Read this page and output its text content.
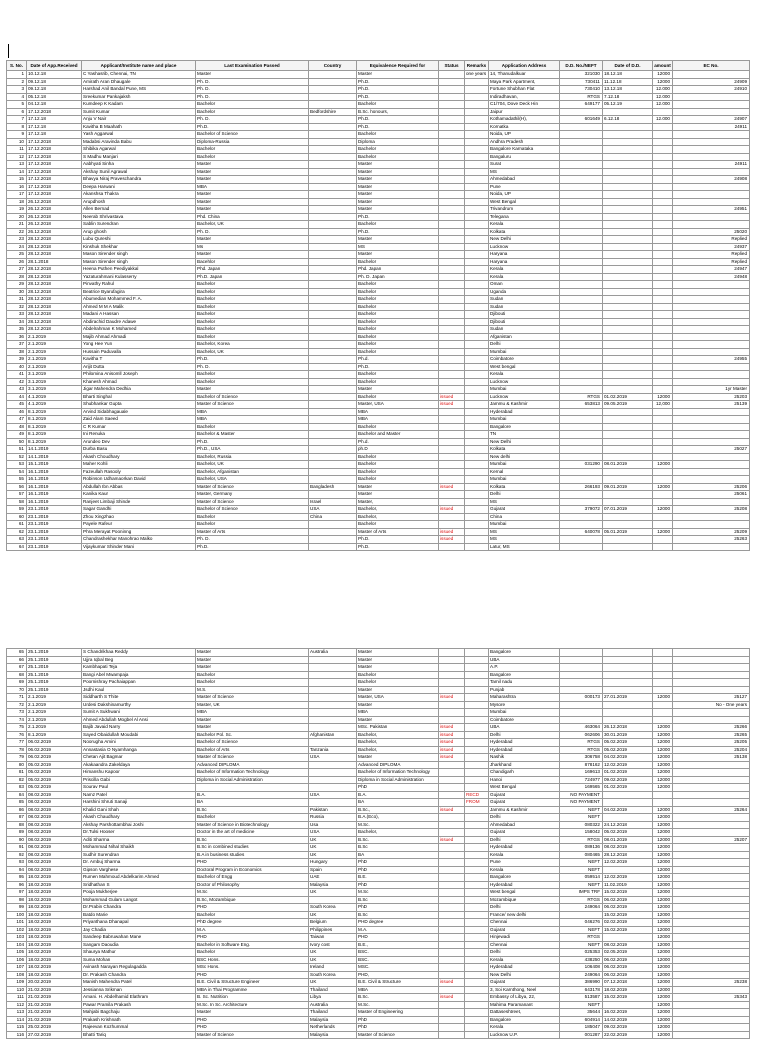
S. No.	Date of App.Received	Applicant/Institute name and place	Last Examination Passed	Country	Equivalence Required for	Status	Remarks	Application Address	D.D. No./NEFT	Date of D.D.	amount	EC No.
1	10.12.18	C Yashasrib, Chennai, TN	Master		Master		one years	14, Thanudalkuar	321030	18.12.18	12000	
2	09.12.18	Amirath Aran Dhaugale	Ph. D.		Ph.D.			Maya Park Apartment,	730411	11.12.18	12000	24909
3	09.12.18	Harshad Anil Bandal Pune, MS	Ph. D.		Ph.D.			Fortune Shubhan Flat	730410	13.12.18	12.000	24910
4	05.12.18	Sreekumar Pankajaksh	Ph. D.		Ph.D.			Indiradhavan,	RTGS	7.12.18	12.000	
5	04.12.18	Kumdeep K Kadam	Bachelor		Bachelor			C1/704, Dove Deck Hin	649177	05.12.19	12.000	
6	17.12.2018	Sumit Kumar	Bachelor	Bedfordshire	B.Sc. honours,			Jaipur				
7	17.12.18	Anju V Nair	Ph. D.		Ph.D.			Kothamadathil(H),	601649	6.12.18	12.000	24907
8	17.12.18	Kavitha B Maahath	Ph.D.		Ph.D.			Kornatka				24911
9	17.12.18	Yash Aggarwal	Bachelor of Science		Bachelor			Noida, UP				
10	17.12.2018	Madabsi Aravinda Babu	Diploma-Russia		Diploma			Andhra Pradesh				
11	17.12.2018	Shibika Agarwal	Bachelor		Bachelor			Bangalore Karnataka				
12	17.12.2018	S Madhu Manjari	Bachelor		Bachelor			Bangaluru				
13	17.12.2018	Aabhyati Sinha	Master		Master			Surat				24911
14	17.12.2018	Akshay Sunil Agrawal	Master		Master			MS				
15	17.12.2018	Bhavya Niraj Praveschandra	Master		Master			Ahmedabad				24908
16	17.12.2018	Deepa Harwani	MBA		Master			Pune				
17	17.12.2018	Akanshsa Thakra	Master		Master			Noida, UP				
18	26.12.2018	Arupdhosh	Master		Master			West Bengal				
19	26.12.2018	Allen Bernad	Master		Master			Trivandrum				24951
20	26.12.2018	Neerab Shrivastava	Phd. China		Ph.D.			Telegana				
21	26.12.2018	Sablin Surendran	Bachelor, UK		Bachelor			Kerala				
22	26.12.2018	Arup ghosh	Ph. D.		Ph.D.			Kolkata				25020
23	28.12.2018	Lubu Qureshi	Master		Master			New Delhi				Replied
24	28.12.2018	Kinshuk Shekhar	Ms		MS			Lucknow				24937
25	28.12.2018	Mason Sirender singh	Master		Master			Haryana				Replied
26	28.1.2018	Mason Sirender singh	Bacehlor		Bachelor			Haryana				Replied
27	28.12.2018	Heena Puthen Peediyakkal	Phd. Japan		Phd. Japan			Kerala				24947
28	28.12.2018	Yazaturahmani Kulasserry	Ph.D. Japan		Ph. D. Japan			Kerala				24948
29	28.12.2018	Pinvathy Rahul	Bachelor		Bachelor			Oman				
30	28.12.2018	Beatrice Byarufagira	Bachelor		Bachelor			Uganda				
31	28.12.2018	Abumedian Mohammed F. A.	Bachelor		Bachelor			Sudan				
32	28.12.2018	Ahmed M M A Malik	Bachelor		Bachelor			Sudan				
33	28.12.2018	Madani A Hassan	Bachelor		Bachelor			Djibouti				
34	28.12.2018	Abdirachid Daudre Adawe	Bachelor		Bachelor			Djibouti				
35	28.12.2018	Abdelrahman K Mohamed	Bachelor		Bachelor			Sudan				
36	2.1.2019	Majib Ahmad Ahmadi	Bachelor		Bachelor			Afganistan				
37	2.1.2019	Yong Hee Yun	Bachelor, Korea		Bachelor			Delhi				
38	2.1.2019	Hussain Paduvalla	Bachelor, UK		Bachelor			Mumbai				
39	2.1.2019	Kavitha T	Ph.D.		Ph.d.			Coimbatore				24955
40	2.1.2019	Arijit Dutta	Ph. D.		Ph.D.			West bengal				
41	3.1.2019	Philomina Anisomll Joseph	Bachelor		Bachelor			Kerala				
42	3.1.2019	Khanesh Ahmad	Bachelor		Bachelor			Lucknow				
43	3.1.2019	Jigar Mahendra Dedhia	Master		Master			Mumbai				1yr Master
44	4.1.2019	Bharti Singhal	Bachelor of Science		Bachelor	issued		Lucknow	RTGS	01.02.2019	12000	25203
45	4.1.2019	Shubhankar Gupta	Master of Science		Master, USA	issued		Jammu & Kashmir	653813	09.05.2019	12,000	25139
46	8.1.2019	Arvind Sidabhagauale	MBA		MBA			Hyderabad				
47	8.1.2019	Zaid Alam Saeed	MBA		MBA			Mumbai				
48	8.1.2019	C R Kumar	Bachelor		Bachelor			Bangalore				
49	8.1.2019	Ini Renuka	Bachelor & Master		Bachelor and Master			TN				
50	8.1.2019	Arundeo Dev	Ph.D.		Ph.d.			New Delhi				
51	14.1.2019	Durba Basu	Ph.D., USA		ph.D			Kolkata				25027
52	14.1.2019	Akash Choudhary	Bachelor, Russia		Bachelor			New delhi				
53	15.1.2019	Maher Kohli	Bachelor, UK		Bachelor			Mumbai	031290	08.01.2019	12000	
54	16.1.2019	Fazeullah Rasooly	Bachelor, Afganistan		Bachelor			Kernal				
55	16.1.2019	Robinson Udhamaorkan David	Bachelor, USA		Bachelor			Mumbai				
56	16.1.2019	Abdullah Ibn Abbas	Master of Science	Bangladesh	Master	issued		Kolkata	266193	09.01.2019	12000	25206
57	16.1.2019	Kanika Kaur	Master, Germany		Master			Delhi				25061
58	16.1.2019	Ranjeet Limbaji Shinde	Master of Science	Israel	Master,			MS				
59	23.1.2019	Sagar Gandhi	Bachelor of Science	USA	Bachelor,	issued		Gujarat	379072	07.01.2019	12000	25208
60	23.1.2019	Zhou Xingzhao	Bachelor	China	Bachelor,			China				
61	23.1.2019	Payele Rafeur	Bachelor		Bachelor			Mumbai				
62	23.1.2019	Phra Merayat Pooninng	Master of Arts		Master of Arts	issued		MS	640078	05.01.2019	12000	25209
63	23.1.2019	Chandrashekhar Manohrao Malko	Ph. D.		Ph.D.	issued		MS				25263
64	23.1.2019	Vijaykumar Shinder Mani	Ph.D.		Ph.D.			Latur, MS				
65	25.1.2019	S Chandrikhaa Reddy	Master	Australia	Master			Bangalore				
66	25.1.2019	Ujjra Iqbal Beg	Master		Master			UBA				
67	25.1.2019	Kambhapati Teja	Master		Master			A.P.				
68	25.1.2019	Bangi Abel Mwampaja	Bachelor		Bachelor			Bangalore				
69	25.1.2019	Poornishray Pachaiappan	Bachelor		Bachelor			Tamil nadu				
70	25.1.2019	Jsdhi Kaul	M.S.		Master			Punjab				
71	2.1.2019	Siddharth S Thite	Master of Science		Master, USA	issued		Maharashtra	000173	27.01.2019	12000	25127
72	2.1.2019	Urdesi Dakshinamurthy	Master, UK		Master			Mysore				No - One years
73	2.1.2019	Sumit A Sukhwani	MBA		MBA			Mumbai				
74	2.1.2019	Ahmed Abdullah Mogbel Al Ansi	Master		Master			Coimbatore				
75	2.1.2019	Bajib Javaid Narry	Master		MSc. Pakistan	issued		UBA	463064	26.12.2018	12000	25266
76	8.1.2019	Sayed Obaidullah Moudabi	Bachelor Pol. Sc.	Afghanistan	Bachelor,	issued		Delhi	062606	30.01.2019	12000	25265
77	06.02.2019	Noorugha Amini	Bachelor of Science		Bachelor,	issued		Hyderabad	RTGS	05.02.2019	12000	25205
78	06.02.2019	Annastasia O Nyamhanga	Bachelor of Arts	Tanzania	Bachelor,	issued		Hyderabad	RTGS	05.02.2019	12000	25204
79	06.02.2019	Chetan Ajit Bagmar	Master of Science	USA	Master	issued		Nashik	306758	04.02.2019	12000	25138
80	05.02.2019	Akakaandra Zakeldaya	Advanced DIPLOMA		Advanced DIPLOMA			Jharkhand	878162	12.02.2019	12000	
81	05.02.2019	Himanshu Kapoor	Bachelor of Information Technology		Bachelor of Information Technology			Chandigarh	169613	01.02.2019	12000	
82	05.02.2019	Priscilla Gabi	Diploma in Social Administration		Diploma in Social Administration			Hanoi	724977	09.02.2019	12000	
83	05.02.2019	Sourav Paul			PhD			West Bengal	169565	01.02.2019	12000	
84	08.02.2019	Namz Patel	B.A.	USA	B.A.		RECD	Gujarat	NO PAYMENT			
85	08.02.2019	Harshini Shruti Sanaji	BA		BA		FROM	Gujarat	NO PAYMENT			
86	08.02.2019	Khalid Gani Shah	B.Sc	Pakistan	B.Sc.,	issued		Jammu & Kashmir	NEFT	04.02.2019	12000	25264
87	08.02.2019	Akash Chaudhary	Bachelor	Russia	B.A.(Eco),			Delhi	NEFT		12000	
88	08.02.2019	Akshay Parshottambhai Joshi	Master of Science in Biotechnology	Usa	M.Sc.			Ahmedabad	080322	24.12.2018	12000	
89	08.02.2019	Dr.Tulsi Hooser	Doctor in the art of medicine	USA	Bachelor,			Gujarat	158042	05.02.2019	12000	
90	08.02.2019	Aditi Sharma	B.Sc	UK	B.Sc.	issued		Delhi	RTGS	08.01.2019	12000	25207
91	08.02.2019	Mohammad Nihal Shaikh	B.Sc in combined studies	UK	B.Sc			Hyderabad	089136	08.02.2019	12000	
92	08.02.2019	Sudhir Surendran	B.A in business studies	UK	BA			Kerala	080465	28.12.2018	12000	
93	08.02.2019	Dr. Ambuj Sharma	PHD	Hungary	PhD			Pune	NEFT	12.02.2019	12000	
94	08.02.2019	Gipson Varghese	Doctoral Program in Economics	Spain	PhD			Kerala	NEFT		12000	
95	18.02.2019	Rumen Mahmoud Abdelkarim Ahmed	Bachelor of Engg	UAE	B.E.			Bangalore	059514	12.02.2019	12000	
96	18.02.2019	Sridhathan S	Doctor of Philosophy	Malaysia	PhD			Hyderabad	NEFT	11.02.2019	12000	
97	18.02.2019	Pooja Mukherjee	M.Sc	UK	M.Sc			West bengal	IMPS TRF	15.02.2019	12000	
98	18.02.2019	Mohammad Gulam Langot	B.Sc, Mozambique		B.Sc			Mozambique	RTGS	06.02.2019	12000	
99	18.02.2019	Dr.Prabin Chandra	PHD	South Korea	PhD			Delhi	249064	06.02.2019	12000	
100	18.02.2019	Batdo Marie	Bachelor	UK	B.Sc			France/ new delhi		15.02.2019	12000	
101	18.02.2019	Priyanthana Dhanapal	PhD degree	Belgium	PHD degree			Chennai	046276	02.02.2019	12000	
102	18.02.2019	Jay Chadia	M.A.	Philippines	M.A.			Gujarat	NEFT	15.02.2019	12000	
103	18.02.2019	Sandeep Babruwahan Mane	PHD	Taiwan	PHD			Hinjewadi	RTGS		12000	
104	18.02.2019	Sangam Daoudia	Bachelor in Software Eng.	Ivory cost	B.E.,			Chennai	NEFT	08.02.2019	12000	
105	18.02.2019	Shaurya Mathur	Bachelor	UK	BSC.			Delhi	025353	02.05.2019	12000	
106	18.02.2019	Suma Mohan	BSC Hons.	UK	BSC.			Kerala	438250	06.02.2019	12000	
107	18.02.2019	Avinash Narayan Regulagadda	MSc Hons.	Ireland	MSC.			Hyderabad	106408	06.02.2019	12000	
108	18.02.2019	Dr. Prakash Chandra	PHD	South Korea	PHD,			New Delhi	249064	06.02.2019	12000	
109	20.02.2019	Manish Mahendra Patel	B.E. Civil & Structure Engineer	UK	B.E. Civil & Structure	issued		Gujarat	386990	07.12.2018	12000	25238
110	21.02.2019	Jessianna Srikman	MBA in Thai Programme	Thailand	MBA			3, Soi Karnthong, Neel	643178	18.02.2019	12000	
111	21.02.2019	Amani. H. Abdelhamid Elathram	B. Sc. Nutrition	Libya	B.Sc.	issued		Embassy of Libya, 22,	513587	15.02.2019	12000	25343
112	21.02.2019	Pawar Pramila Prakash	M.Sc. In Sc. Architecture	Australia	M.Sc.			Mahima Paramanant	NEFT		12000	
113	21.02.2019	Mahjabi Bagchaju	Master	Thailand	Master of Engineering			Dattaseshtreet,	35644	16.02.2019	12000	
114	21.02.2019	Prakash Krishnath	PHD	Malaysia	PhD			Bangalore	604914	14.02.2019	12000	
115	25.02.2019	Rajeevan Kozhummal	PHD	Netherlands	PhD			Kerala	185047	09.02.2019	12000	
116	27.02.2019	Bhatti Tariq	Master of Science	Malaysia	Master of Science			Lucknow U.P.	001287	22.02.2019	12000	
